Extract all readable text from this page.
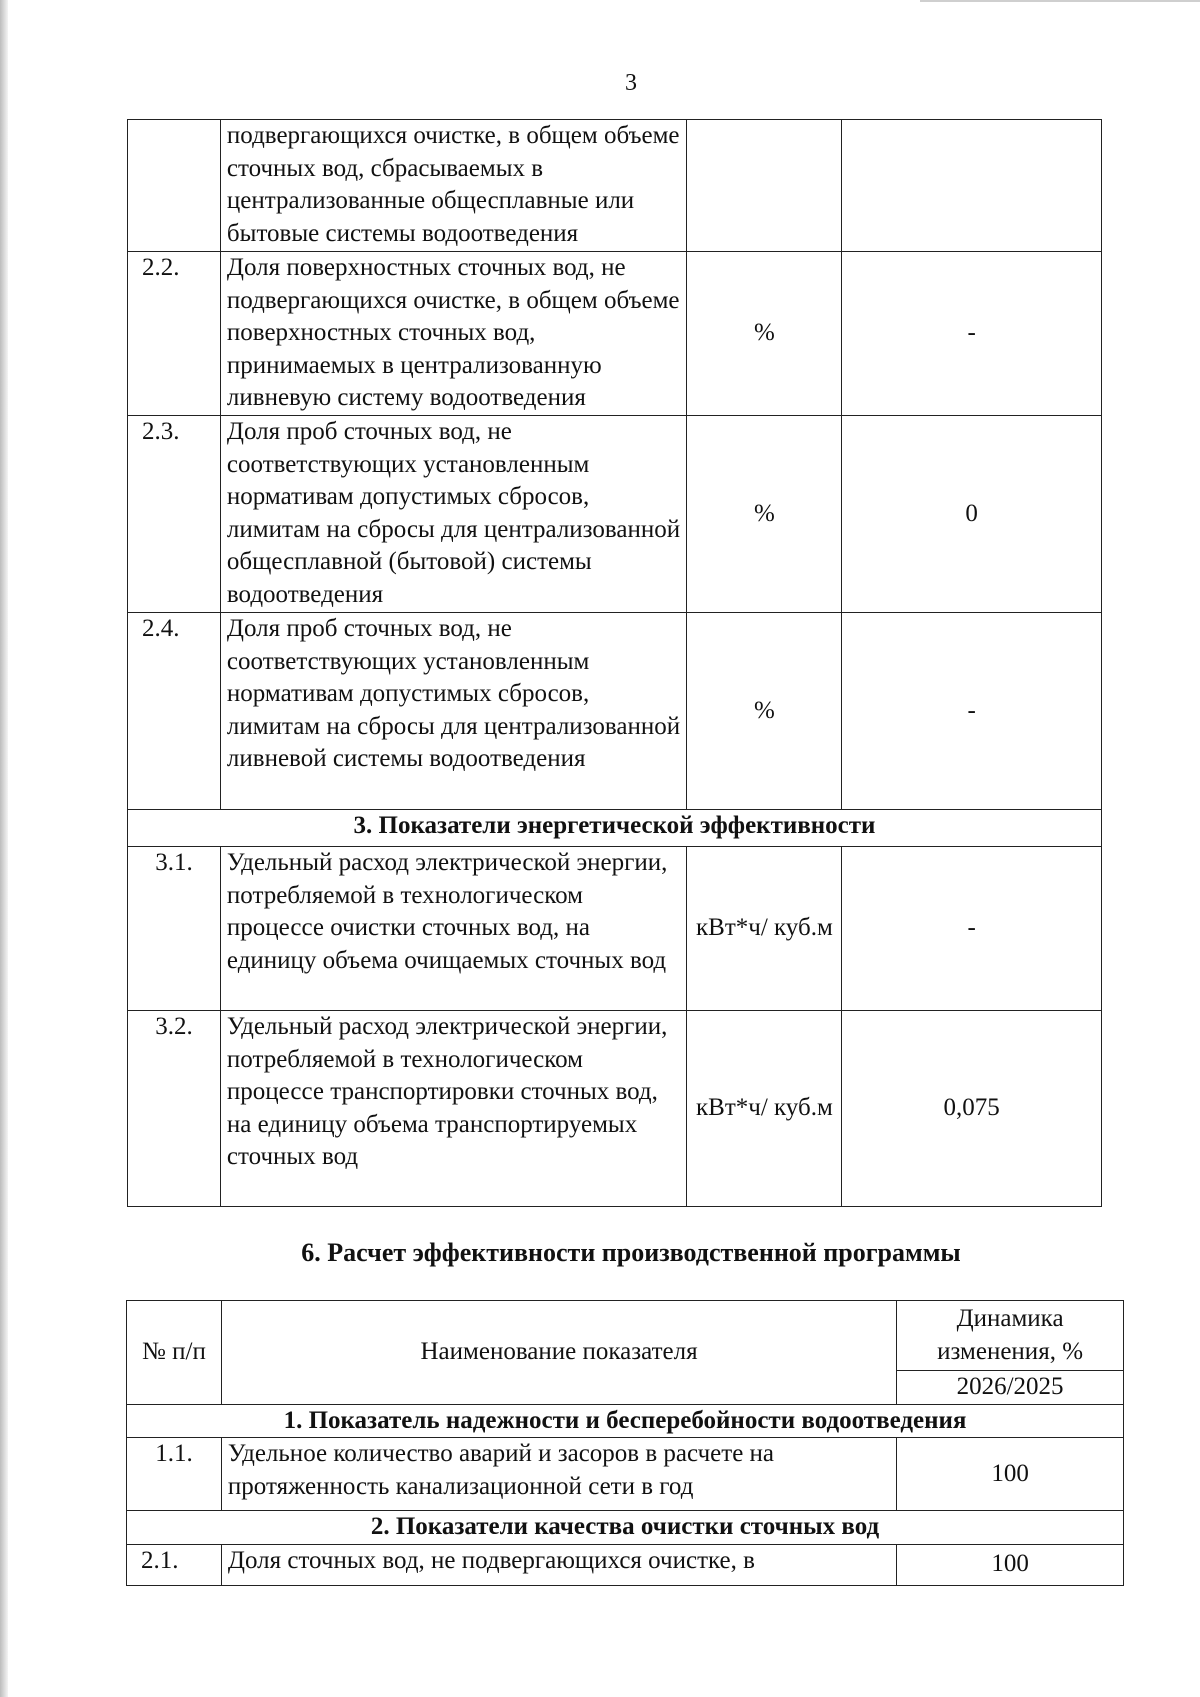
3
	подвергающихся очистке, в общем объеме сточных вод, сбрасываемых в централизованные общесплавные или бытовые системы водоотведения		
2.2.	Доля поверхностных сточных вод, не подвергающихся очистке, в общем объеме поверхностных сточных вод, принимаемых в централизованную ливневую систему водоотведения	%	-
2.3.	Доля проб сточных вод, не соответствующих установленным нормативам допустимых сбросов, лимитам на сбросы для централизованной общесплавной (бытовой) системы водоотведения	%	0
2.4.	Доля проб сточных вод, не соответствующих установленным нормативам допустимых сбросов, лимитам на сбросы для централизованной ливневой системы водоотведения	%	-
3. Показатели энергетической эффективности			
3.1.	Удельный расход электрической энергии, потребляемой в технологическом процессе очистки сточных вод, на единицу объема очищаемых сточных вод	кВт*ч/ куб.м	-
3.2.	Удельный расход электрической энергии, потребляемой в технологическом процессе транспортировки сточных вод, на единицу объема транспортируемых сточных вод	кВт*ч/ куб.м	0,075
6. Расчет эффективности производственной программы
№ п/п	Наименование показателя	Динамика изменения, %
		2026/2025
1. Показатель надежности и бесперебойности водоотведения		
1.1.	Удельное количество аварий и засоров в расчете на протяженность канализационной сети в год	100
2. Показатели качества очистки сточных вод		
2.1.	Доля сточных вод, не подвергающихся очистке, в	100
